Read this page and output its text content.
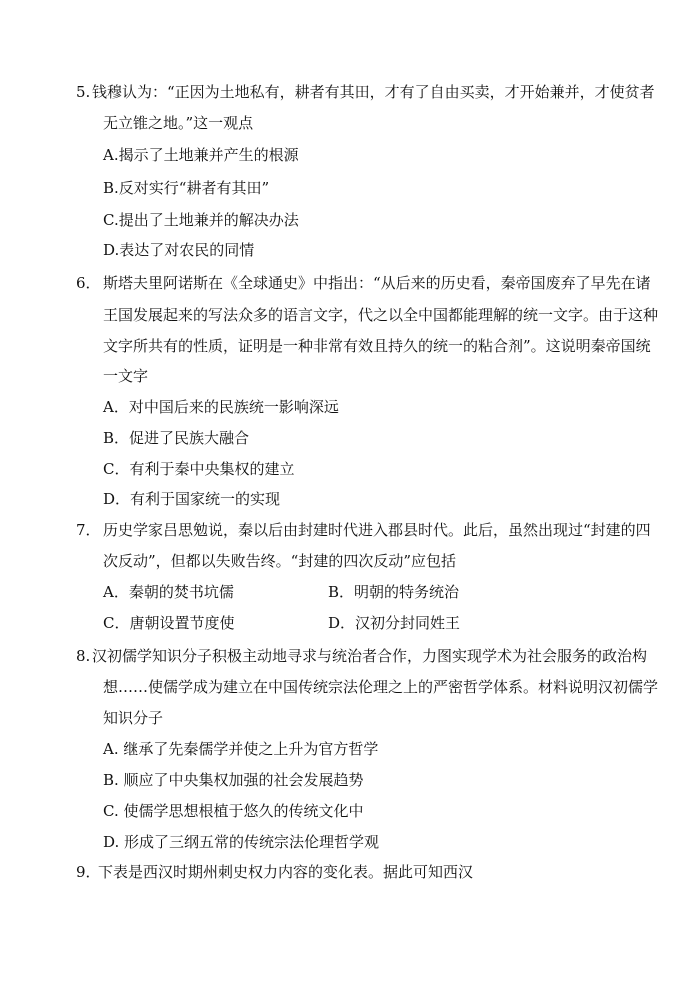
5. 钱穆认为：“正因为土地私有，耕者有其田，才有了自由买卖，才开始兼并，才使贫者
无立锥之地。”这一观点
A.揭示了土地兼并产生的根源
B.反对实行“耕者有其田”
C.提出了土地兼并的解决办法
D.表达了对农民的同情
6． 斯塔夫里阿诺斯在《全球通史》中指出：“从后来的历史看，秦帝国废弃了早先在诸
王国发展起来的写法众多的语言文字，代之以全中国都能理解的统一文字。由于这种
文字所共有的性质，证明是一种非常有效且持久的统一的粘合剂”。这说明秦帝国统
一文字
A．对中国后来的民族统一影响深远
B．促进了民族大融合
C．有利于秦中央集权的建立
D．有利于国家统一的实现
7． 历史学家吕思勉说，秦以后由封建时代进入郡县时代。此后，虽然出现过“封建的四
次反动”，但都以失败告终。“封建的四次反动”应包括
A．秦朝的焚书坑儒	B．明朝的特务统治
C．唐朝设置节度使	D．汉初分封同姓王
8. 汉初儒学知识分子积极主动地寻求与统治者合作，力图实现学术为社会服务的政治构
想……使儒学成为建立在中国传统宗法伦理之上的严密哲学体系。材料说明汉初儒学
知识分子
A. 继承了先秦儒学并使之上升为官方哲学
B. 顺应了中央集权加强的社会发展趋势
C. 使儒学思想根植于悠久的传统文化中
D. 形成了三纲五常的传统宗法伦理哲学观
9．
下表是西汉时期州刺史权力内容的变化表。据此可知西汉
